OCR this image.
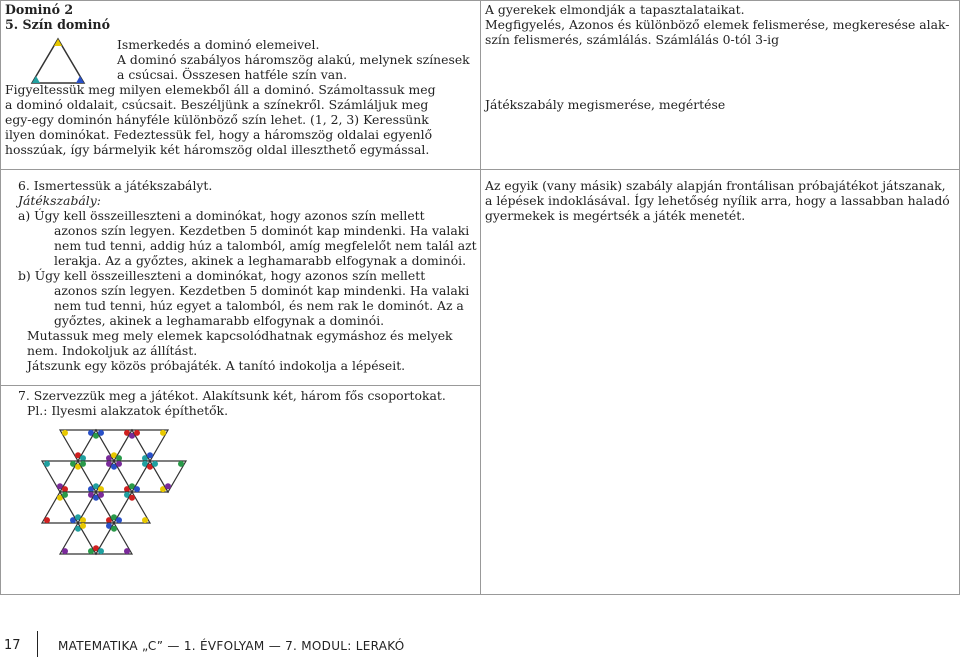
Dominó 2
5. Szín dominó
Ismerkedés a dominó elemeivel.
A dominó szabályos háromszög alakú, melynek színesek
a csúcsai. Összesen hatféle szín van.
Figyeltessük meg milyen elemekből áll a dominó. Számoltassuk meg
a dominó oldalait, csúcsait. Beszéljünk a színekről. Számláljuk meg
egy-egy dominón hányféle különböző szín lehet. (1, 2, 3) Keressünk
ilyen dominókat. Fedeztessük fel, hogy a háromszög oldalai egyenlő
hosszúak, így bármelyik két háromszög oldal illeszthető egymással.
A gyerekek elmondják a tapasztalataikat.
Megfigyelés, Azonos és különböző elemek felismerése, megkeresése alak-
szín felismerés, számlálás. Számlálás 0-tól 3-ig
Játékszabály megismerése, megértése
6. Ismertessük a játékszabályt.
Játékszabály:
a) Úgy kell összeilleszteni a dominókat, hogy azonos szín mellett
azonos szín legyen. Kezdetben 5 dominót kap mindenki. Ha valaki
nem tud tenni, addig húz a talomból, amíg megfelelőt nem talál azt
lerakja. Az a győztes, akinek a leghamarabb elfogynak a dominói.
b) Úgy kell összeilleszteni a dominókat, hogy azonos szín mellett
azonos szín legyen. Kezdetben 5 dominót kap mindenki. Ha valaki
nem tud tenni, húz egyet a talomból, és nem rak le dominót. Az a
győztes, akinek a leghamarabb elfogynak a dominói.
Mutassuk meg mely elemek kapcsolódhatnak egymáshoz és melyek
nem. Indokoljuk az állítást.
Játszunk egy közös próbajáték. A tanító indokolja a lépéseit.
Az egyik (vany másik) szabály alapján frontálisan próbajátékot játszanak,
a lépések indoklásával. Így lehetőség nyílik arra, hogy a lassabban haladó
gyermekek is megértsék a játék menetét.
7. Szervezzük meg a játékot. Alakítsunk két, három fős csoportokat.
Pl.: Ilyesmi alakzatok építhetők.
17	MATEMATIKA „C” — 1. ÉVFOLYAM — 7. MODUL: LERAKÓ
